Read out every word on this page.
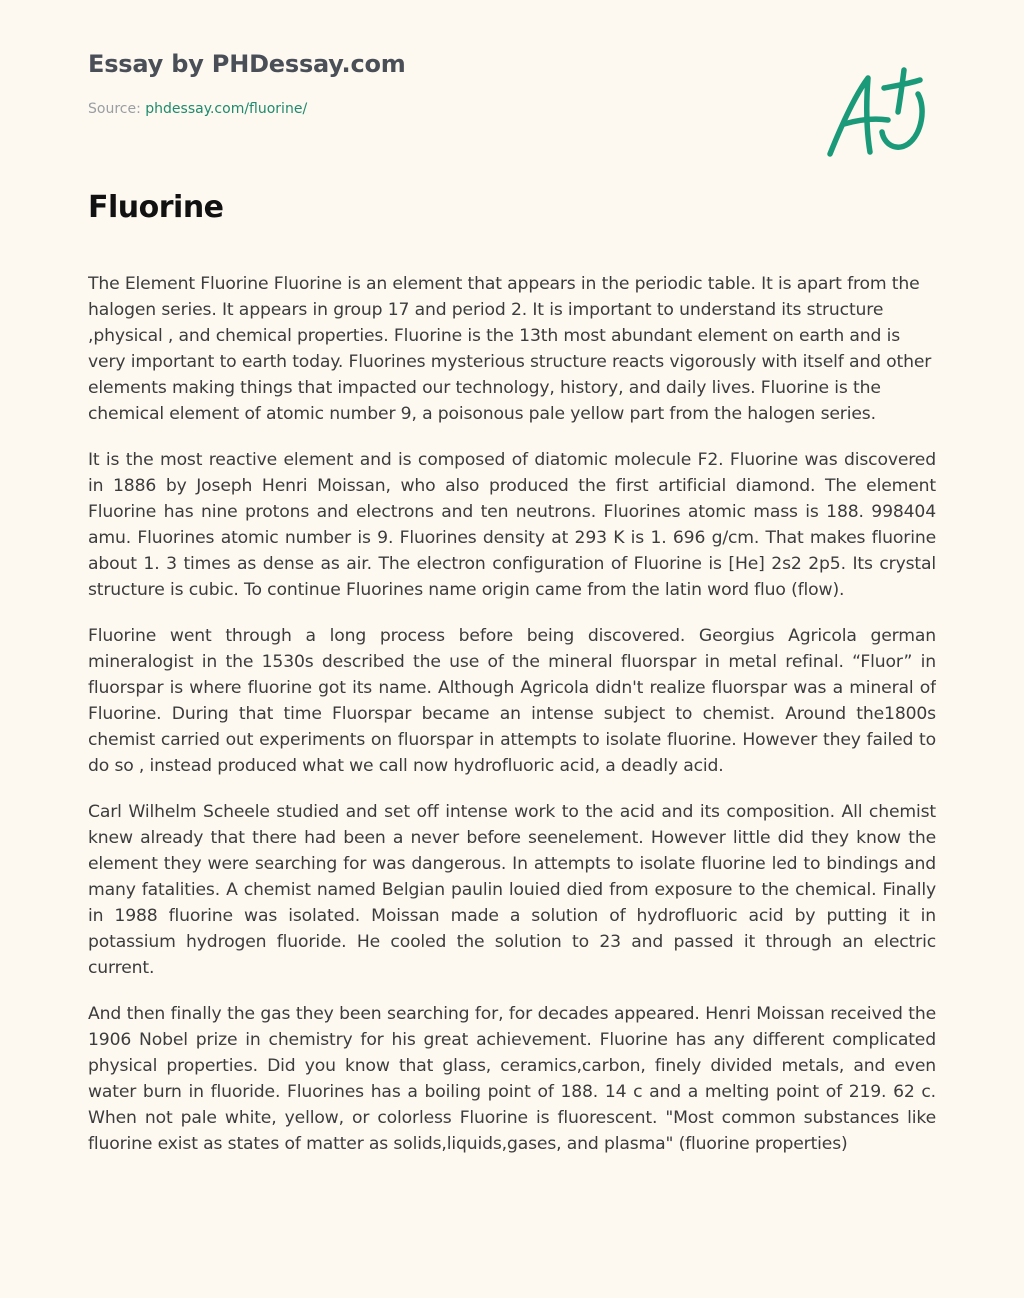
Essay by PHDessay.com
Source: phdessay.com/fluorine/
Fluorine

The Element Fluorine Fluorine is an element that appears in the periodic table. It is apart from the halogen series. It appears in group 17 and period 2. It is important to understand its structure ,physical , and chemical properties. Fluorine is the 13th most abundant element on earth and is very important to earth today. Fluorines mysterious structure reacts vigorously with itself and other elements making things that impacted our technology, history, and daily lives. Fluorine is the chemical element of atomic number 9, a poisonous pale yellow part from the halogen series.

It is the most reactive element and is composed of diatomic molecule F2. Fluorine was discovered in 1886 by Joseph Henri Moissan, who also produced the first artificial diamond. The element Fluorine has nine protons and electrons and ten neutrons. Fluorines atomic mass is 188. 998404 amu. Fluorines atomic number is 9. Fluorines density at 293 K is 1. 696 g/cm. That makes fluorine about 1. 3 times as dense as air. The electron configuration of Fluorine is [He] 2s2 2p5. Its crystal structure is cubic. To continue Fluorines name origin came from the latin word fluo (flow).

Fluorine went through a long process before being discovered. Georgius Agricola german mineralogist in the 1530s described the use of the mineral fluorspar in metal refinal. “Fluor” in fluorspar is where fluorine got its name. Although Agricola didn't realize fluorspar was a mineral of Fluorine. During that time Fluorspar became an intense subject to chemist. Around the1800s chemist carried out experiments on fluorspar in attempts to isolate fluorine. However they failed to do so , instead produced what we call now hydrofluoric acid, a deadly acid.

Carl Wilhelm Scheele studied and set off intense work to the acid and its composition. All chemist knew already that there had been a never before seenelement. However little did they know the element they were searching for was dangerous. In attempts to isolate fluorine led to bindings and many fatalities. A chemist named Belgian paulin louied died from exposure to the chemical. Finally in 1988 fluorine was isolated. Moissan made a solution of hydrofluoric acid by putting it in potassium hydrogen fluoride. He cooled the solution to 23 and passed it through an electric current.

And then finally the gas they been searching for, for decades appeared. Henri Moissan received the 1906 Nobel prize in chemistry for his great achievement. Fluorine has any different complicated physical properties. Did you know that glass, ceramics,carbon, finely divided metals, and even water burn in fluoride. Fluorines has a boiling point of 188. 14 c and a melting point of 219. 62 c. When not pale white, yellow, or colorless Fluorine is fluorescent. "Most common substances like fluorine exist as states of matter as solids,liquids,gases, and plasma" (fluorine properties)
